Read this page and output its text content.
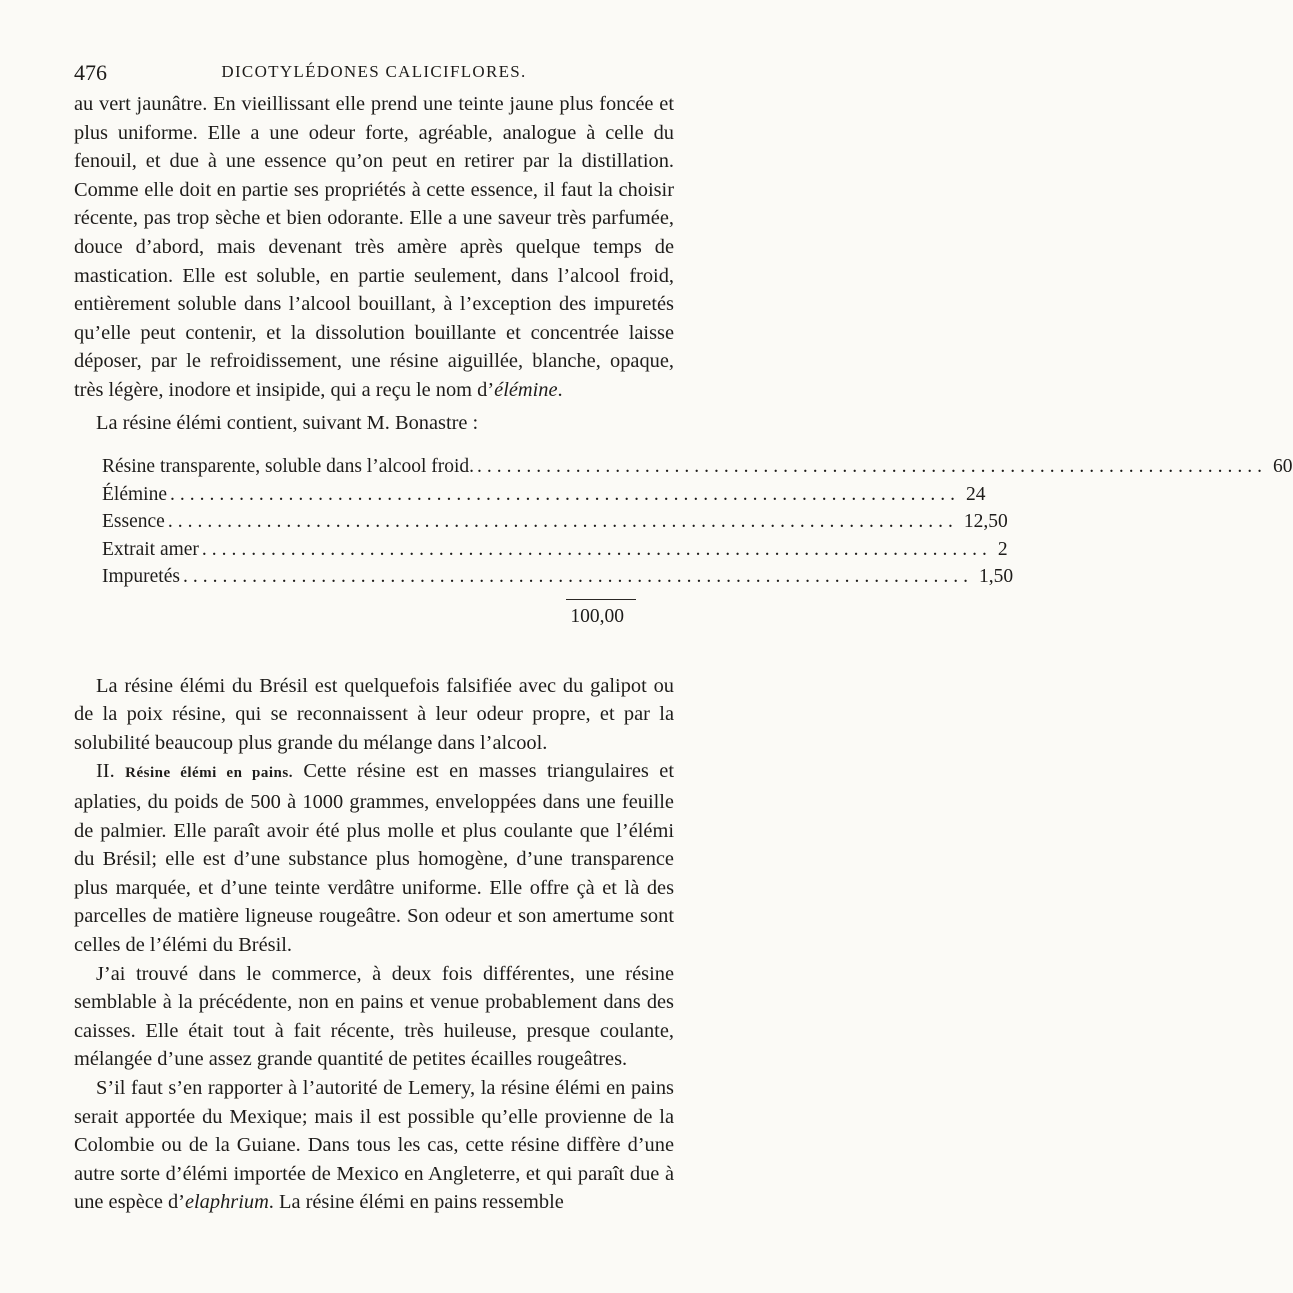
476	DICOTYLÉDONES CALICIFLORES.

au vert jaunâtre. En vieillissant elle prend une teinte jaune plus foncée et plus uniforme. Elle a une odeur forte, agréable, analogue à celle du fenouil, et due à une essence qu’on peut en retirer par la distillation. Comme elle doit en partie ses propriétés à cette essence, il faut la choisir récente, pas trop sèche et bien odorante. Elle a une saveur très parfumée, douce d’abord, mais devenant très amère après quelque temps de mastication. Elle est soluble, en partie seulement, dans l’alcool froid, entièrement soluble dans l’alcool bouillant, à l’exception des impuretés qu’elle peut contenir, et la dissolution bouillante et concentrée laisse déposer, par le refroidissement, une résine aiguillée, blanche, opaque, très légère, inodore et insipide, qui a reçu le nom d’élémine.

La résine élémi contient, suivant M. Bonastre :

Résine transparente, soluble dans l’alcool froid. ................................................................................ 60
Élémine ................................................................................ 24
Essence ................................................................................ 12,50
Extrait amer ................................................................................ 2
Impuretés ................................................................................ 1,50
100,00

La résine élémi du Brésil est quelquefois falsifiée avec du galipot ou de la poix résine, qui se reconnaissent à leur odeur propre, et par la solubilité beaucoup plus grande du mélange dans l’alcool.

II. Résine élémi en pains. Cette résine est en masses triangulaires et aplaties, du poids de 500 à 1000 grammes, enveloppées dans une feuille de palmier. Elle paraît avoir été plus molle et plus coulante que l’élémi du Brésil; elle est d’une substance plus homogène, d’une transparence plus marquée, et d’une teinte verdâtre uniforme. Elle offre çà et là des parcelles de matière ligneuse rougeâtre. Son odeur et son amertume sont celles de l’élémi du Brésil.

J’ai trouvé dans le commerce, à deux fois différentes, une résine semblable à la précédente, non en pains et venue probablement dans des caisses. Elle était tout à fait récente, très huileuse, presque coulante, mélangée d’une assez grande quantité de petites écailles rougeâtres.

S’il faut s’en rapporter à l’autorité de Lemery, la résine élémi en pains serait apportée du Mexique; mais il est possible qu’elle provienne de la Colombie ou de la Guiane. Dans tous les cas, cette résine diffère d’une autre sorte d’élémi importée de Mexico en Angleterre, et qui paraît due à une espèce d’elaphrium. La résine élémi en pains ressemble
